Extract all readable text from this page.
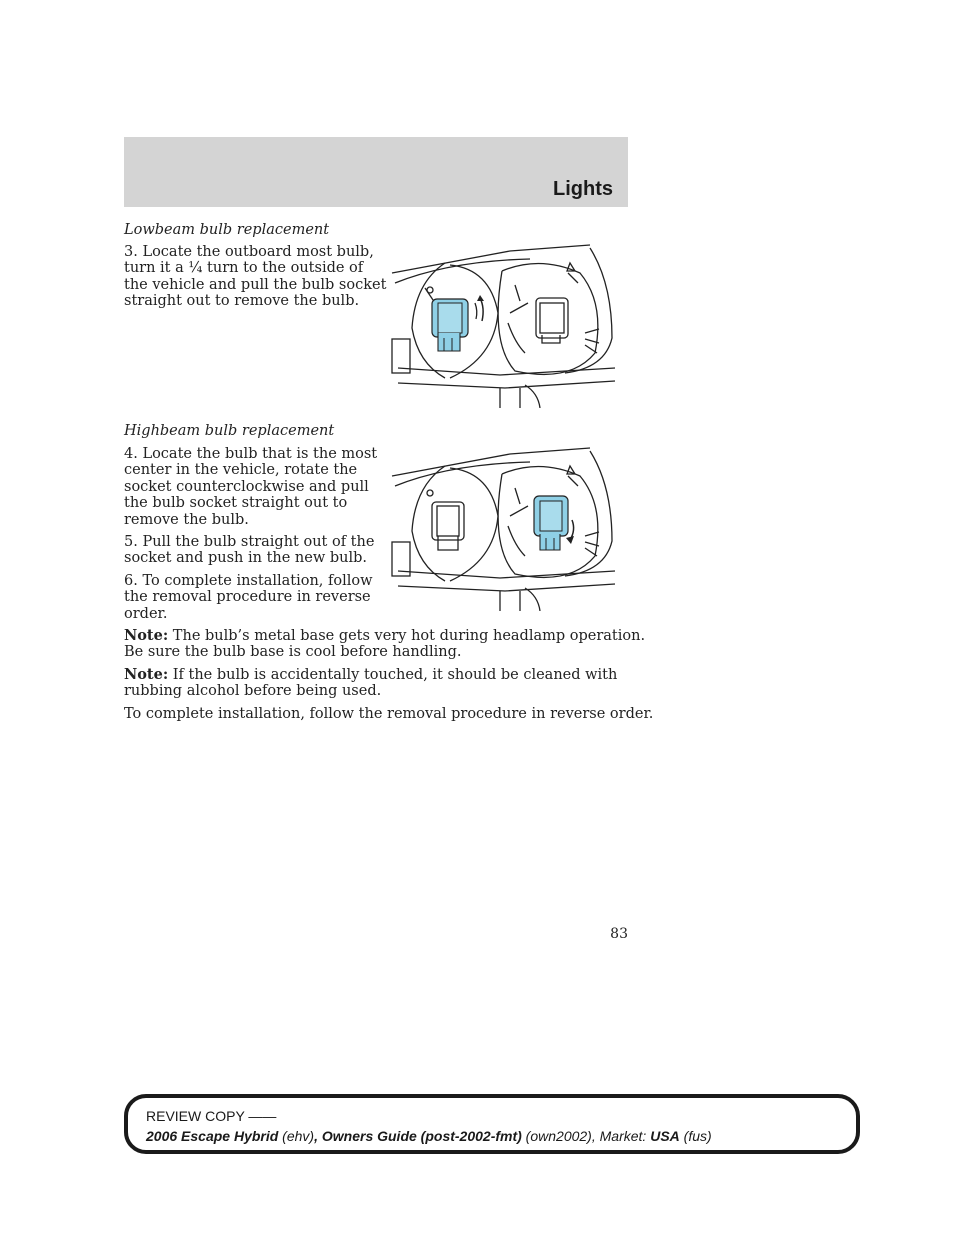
Lights
Lowbeam bulb replacement
3. Locate the outboard most bulb,
turn it a ¼ turn to the outside of
the vehicle and pull the bulb socket
straight out to remove the bulb.
Highbeam bulb replacement
4. Locate the bulb that is the most
center in the vehicle, rotate the
socket counterclockwise and pull
the bulb socket straight out to
remove the bulb.
5. Pull the bulb straight out of the
socket and push in the new bulb.
6. To complete installation, follow
the removal procedure in reverse
order.
Note: The bulb’s metal base gets very hot during headlamp operation.
Be sure the bulb base is cool before handling.
Note: If the bulb is accidentally touched, it should be cleaned with
rubbing alcohol before being used.
To complete installation, follow the removal procedure in reverse order.
83
REVIEW COPY ——
2006 Escape Hybrid (ehv), Owners Guide (post-2002-fmt) (own2002), Market: USA (fus)
